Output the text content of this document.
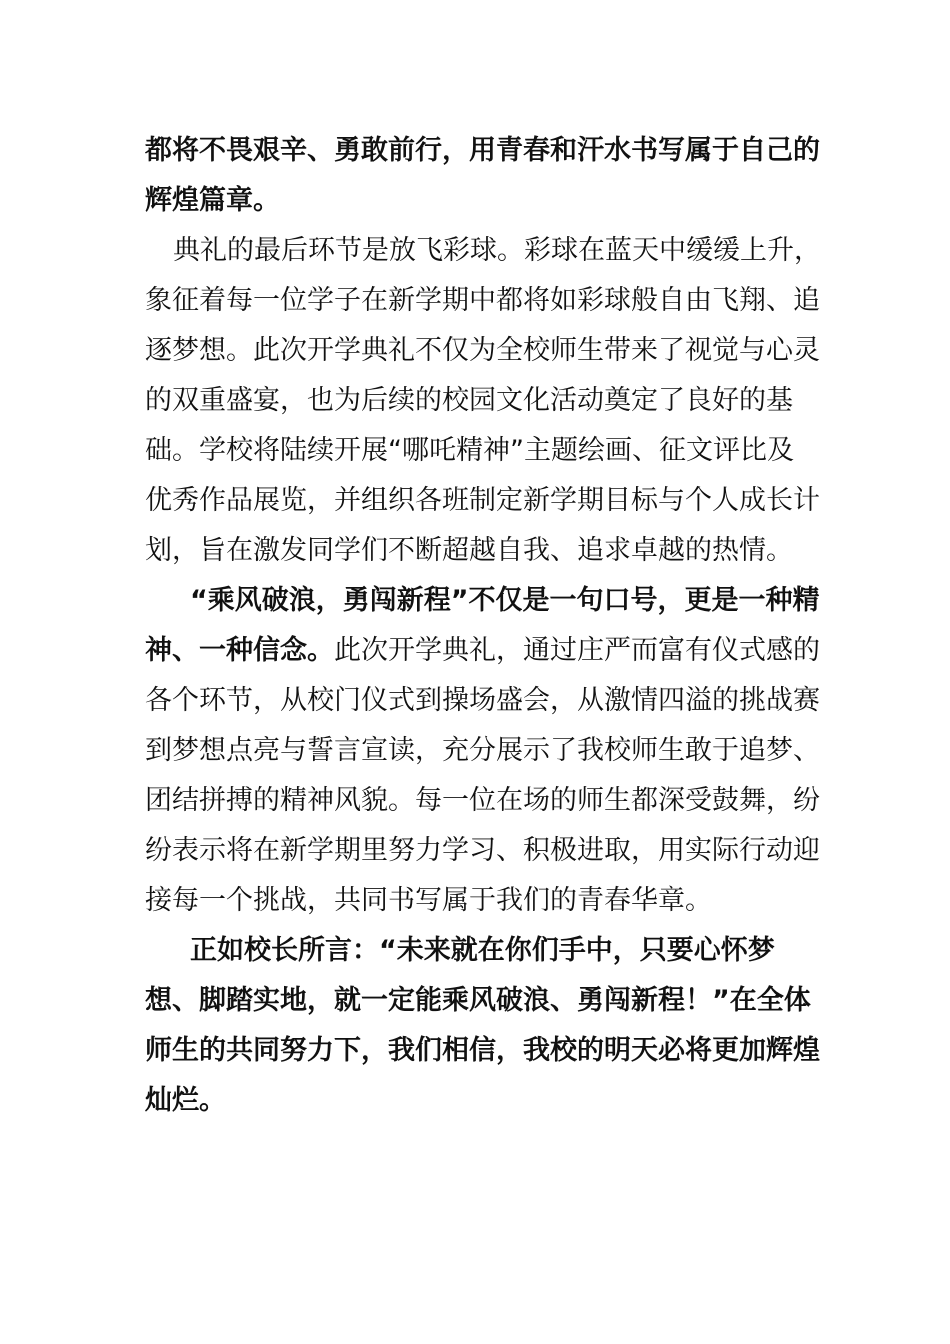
都将不畏艰辛、勇敢前行，用青春和汗水书写属于自己的
辉煌篇章。
典礼的最后环节是放飞彩球。彩球在蓝天中缓缓上升，
象征着每一位学子在新学期中都将如彩球般自由飞翔、追
逐梦想。此次开学典礼不仅为全校师生带来了视觉与心灵
的双重盛宴，也为后续的校园文化活动奠定了良好的基
础。学校将陆续开展“哪吒精神”主题绘画、征文评比及
优秀作品展览，并组织各班制定新学期目标与个人成长计
划，旨在激发同学们不断超越自我、追求卓越的热情。
“乘风破浪，勇闯新程”不仅是一句口号，更是一种精
神、一种信念。此次开学典礼，通过庄严而富有仪式感的
各个环节，从校门仪式到操场盛会，从激情四溢的挑战赛
到梦想点亮与誓言宣读，充分展示了我校师生敢于追梦、
团结拼搏的精神风貌。每一位在场的师生都深受鼓舞，纷
纷表示将在新学期里努力学习、积极进取，用实际行动迎
接每一个挑战，共同书写属于我们的青春华章。
正如校长所言：“未来就在你们手中，只要心怀梦
想、脚踏实地，就一定能乘风破浪、勇闯新程！”在全体
师生的共同努力下，我们相信，我校的明天必将更加辉煌
灿烂。
